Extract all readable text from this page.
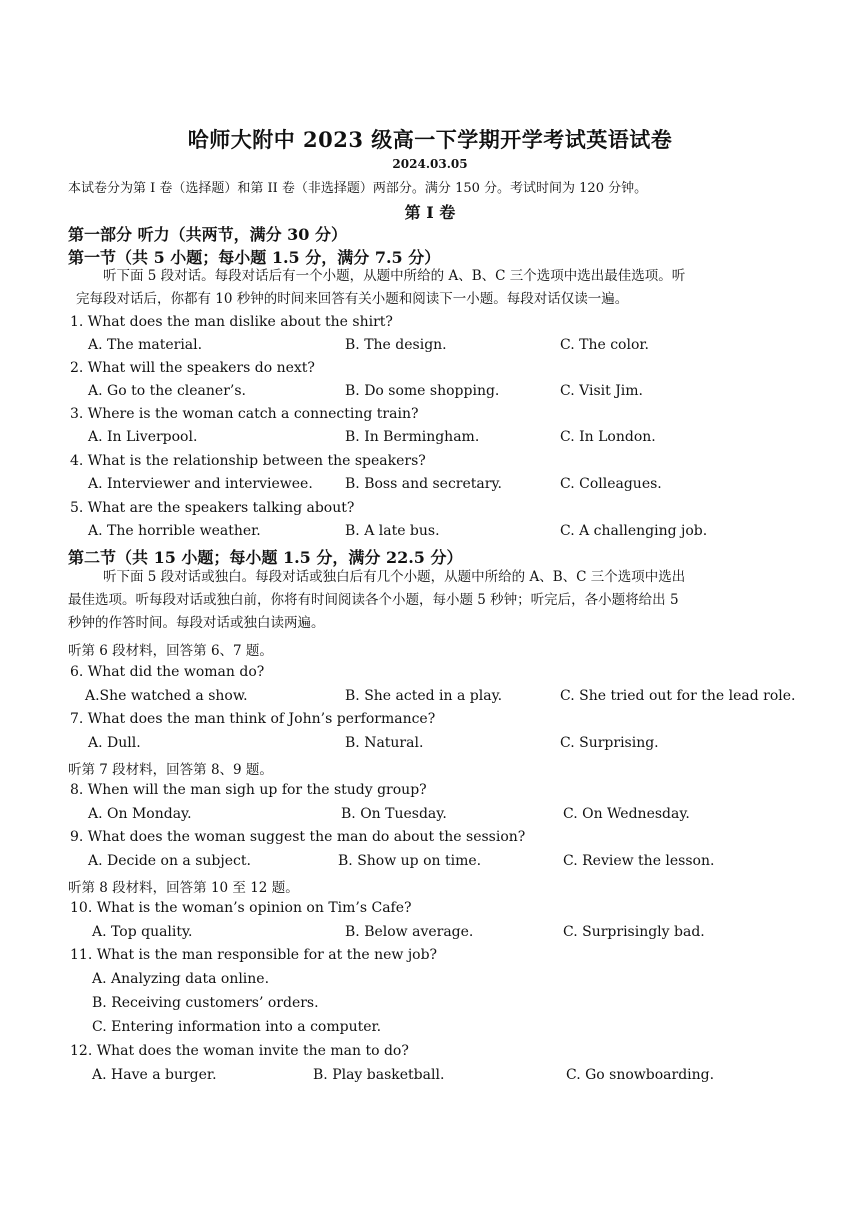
哈师大附中 2023 级高一下学期开学考试英语试卷
2024.03.05
本试卷分为第 I 卷（选择题）和第 II 卷（非选择题）两部分。满分 150 分。考试时间为 120 分钟。
第 I 卷
第一部分 听力（共两节，满分 30 分）
第一节（共 5 小题；每小题 1.5 分，满分 7.5 分）
听下面 5 段对话。每段对话后有一个小题，从题中所给的 A、B、C 三个选项中选出最佳选项。听
完每段对话后，你都有 10 秒钟的时间来回答有关小题和阅读下一小题。每段对话仅读一遍。
1. What does the man dislike about the shirt?
A. The material.	B. The design.	C. The color.
2. What will the speakers do next?
A. Go to the cleaner’s.	B. Do some shopping.	C. Visit Jim.
3. Where is the woman catch a connecting train?
A. In Liverpool.	B. In Bermingham.	C. In London.
4. What is the relationship between the speakers?
A. Interviewer and interviewee. B. Boss and secretary.	C. Colleagues.
5. What are the speakers talking about?
A. The horrible weather.	B. A late bus.	C. A challenging job.
第二节（共 15 小题；每小题 1.5 分，满分 22.5 分）
听下面 5 段对话或独白。每段对话或独白后有几个小题，从题中所给的 A、B、C 三个选项中选出
最佳选项。听每段对话或独白前，你将有时间阅读各个小题，每小题 5 秒钟；听完后，各小题将给出 5
秒钟的作答时间。每段对话或独白读两遍。
听第 6 段材料，回答第 6、7 题。
6. What did the woman do?
A.She watched a show.	B. She acted in a play.	C. She tried out for the lead role.
7. What does the man think of John’s performance?
A. Dull.	B. Natural.	C. Surprising.
听第 7 段材料，回答第 8、9 题。
8. When will the man sigh up for the study group?
A. On Monday.	B. On Tuesday.	C. On Wednesday.
9. What does the woman suggest the man do about the session?
A. Decide on a subject.	B. Show up on time.	C. Review the lesson.
听第 8 段材料，回答第 10 至 12 题。
10. What is the woman’s opinion on Tim’s Cafe?
A. Top quality.	B. Below average.	C. Surprisingly bad.
11. What is the man responsible for at the new job?
A. Analyzing data online.
B. Receiving customers’ orders.
C. Entering information into a computer.
12. What does the woman invite the man to do?
A. Have a burger.	B. Play basketball.	C. Go snowboarding.
